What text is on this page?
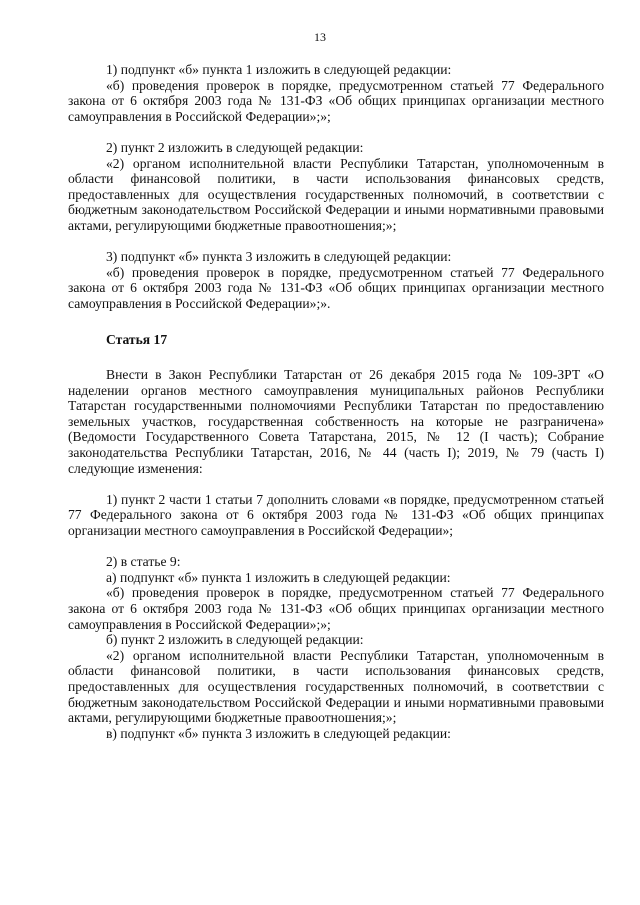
13

1) подпункт «б» пункта 1 изложить в следующей редакции:

«б) проведения проверок в порядке, предусмотренном статьей 77 Федерального закона от 6 октября 2003 года № 131-ФЗ «Об общих принципах организации местного самоуправления в Российской Федерации»;»;

2) пункт 2 изложить в следующей редакции:

«2) органом исполнительной власти Республики Татарстан, уполномоченным в области финансовой политики, в части использования финансовых средств, предоставленных для осуществления государственных полномочий, в соответствии с бюджетным законодательством Российской Федерации и иными нормативными правовыми актами, регулирующими бюджетные правоотношения;»;

3) подпункт «б» пункта 3 изложить в следующей редакции:

«б) проведения проверок в порядке, предусмотренном статьей 77 Федерального закона от 6 октября 2003 года № 131-ФЗ «Об общих принципах организации местного самоуправления в Российской Федерации»;».

Статья 17

Внести в Закон Республики Татарстан от 26 декабря 2015 года № 109-ЗРТ «О наделении органов местного самоуправления муниципальных районов Республики Татарстан государственными полномочиями Республики Татарстан по предоставлению земельных участков, государственная собственность на которые не разграничена» (Ведомости Государственного Совета Татарстана, 2015, № 12 (I часть); Собрание законодательства Республики Татарстан, 2016, № 44 (часть I); 2019, № 79 (часть I) следующие изменения:

1) пункт 2 части 1 статьи 7 дополнить словами «в порядке, предусмотренном статьей 77 Федерального закона от 6 октября 2003 года № 131-ФЗ «Об общих принципах организации местного самоуправления в Российской Федерации»;

2) в статье 9:

а) подпункт «б» пункта 1 изложить в следующей редакции:

«б) проведения проверок в порядке, предусмотренном статьей 77 Федерального закона от 6 октября 2003 года № 131-ФЗ «Об общих принципах организации местного самоуправления в Российской Федерации»;»;

б) пункт 2 изложить в следующей редакции:

«2) органом исполнительной власти Республики Татарстан, уполномоченным в области финансовой политики, в части использования финансовых средств, предоставленных для осуществления государственных полномочий, в соответствии с бюджетным законодательством Российской Федерации и иными нормативными правовыми актами, регулирующими бюджетные правоотношения;»;

в) подпункт «б» пункта 3 изложить в следующей редакции:
